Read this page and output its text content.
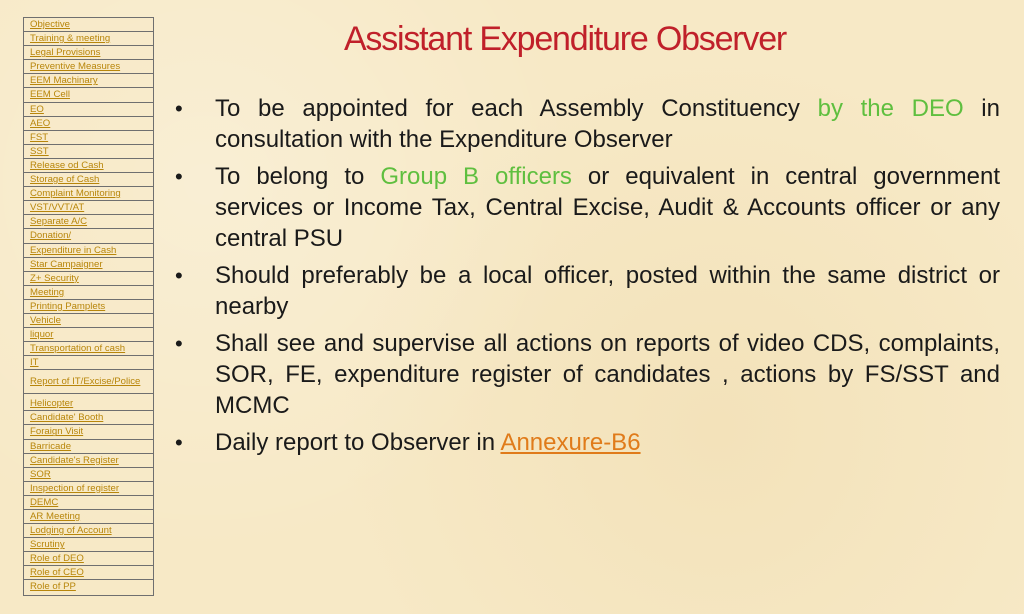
Objective
Training & meeting
Legal Provisions
Preventive Measures
EEM Machinary
EEM Cell
EO
AEO
FST
SST
Release od Cash
Storage of Cash
Complaint Monitoring
VST/VVT/AT
Separate A/C
Donation/
Expenditure in Cash
Star Campaigner
Z+ Security
Meeting
Printing Pamplets
Vehicle
liquor
Transportation of cash
IT
Report of IT/Excise/Police
Helicopter
Candidate' Booth
Foraign Visit
Barricade
Candidate's Register
SOR
Inspection of register
DEMC
AR Meeting
Lodging of Account
Scrutiny
Role of DEO
Role of CEO
Role of PP
Assistant Expenditure Observer
• To be appointed for each Assembly Constituency by the DEO in consultation with the Expenditure Observer
• To belong to Group B officers or equivalent in central government services or Income Tax, Central Excise, Audit & Accounts officer or any central PSU
• Should preferably be a local officer, posted within the same district or nearby
• Shall see and supervise all actions on reports of video CDS, complaints, SOR, FE, expenditure register of candidates , actions by FS/SST and MCMC
• Daily report to Observer in Annexure-B6
